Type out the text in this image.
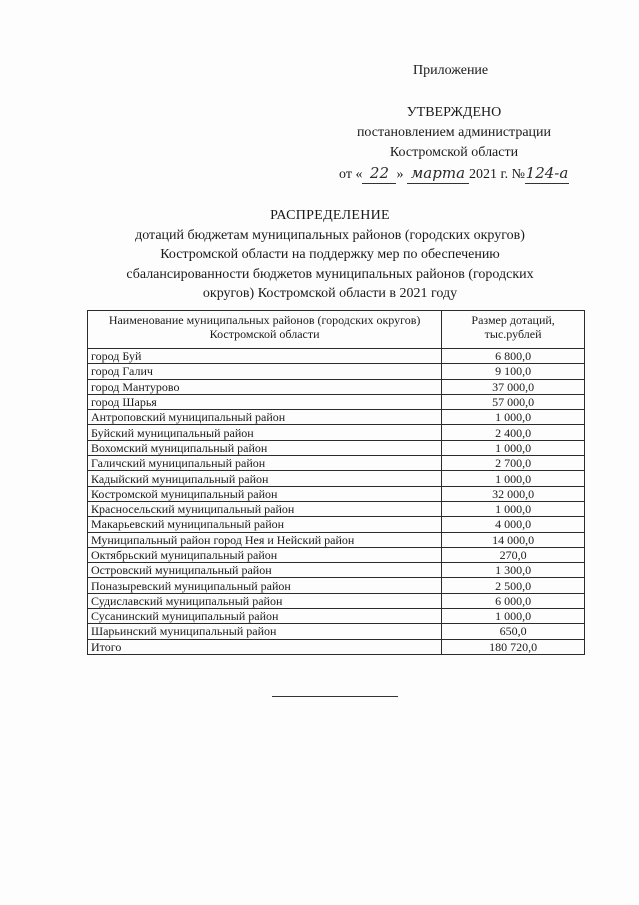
Приложение
УТВЕРЖДЕНО
постановлением администрации
Костромской области
от « 22 » марта 2021 г. №124-а
РАСПРЕДЕЛЕНИЕ
дотаций бюджетам муниципальных районов (городских округов)
Костромской области на поддержку мер по обеспечению
сбалансированности бюджетов муниципальных районов (городских
округов) Костромской области в 2021 году
Наименование муниципальных районов (городских округов) Костромской области	Размер дотаций, тыс.рублей
город Буй	6 800,0
город Галич	9 100,0
город Мантурово	37 000,0
город Шарья	57 000,0
Антроповский муниципальный район	1 000,0
Буйский муниципальный район	2 400,0
Вохомский муниципальный район	1 000,0
Галичский муниципальный район	2 700,0
Кадыйский муниципальный район	1 000,0
Костромской муниципальный район	32 000,0
Красносельский муниципальный район	1 000,0
Макарьевский муниципальный район	4 000,0
Муниципальный район город Нея и Нейский район	14 000,0
Октябрьский муниципальный район	270,0
Островский муниципальный район	1 300,0
Поназыревский муниципальный район	2 500,0
Судиславский муниципальный район	6 000,0
Сусанинский муниципальный район	1 000,0
Шарьинский муниципальный район	650,0
Итого	180 720,0
